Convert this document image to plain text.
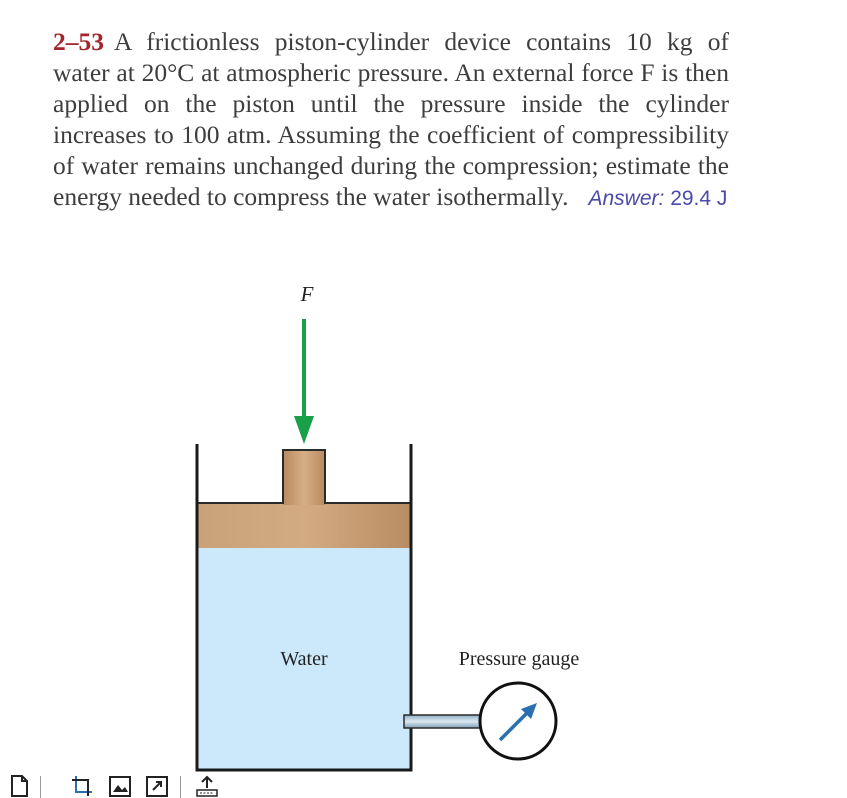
2–53 A frictionless piston-cylinder device contains 10 kg of water at 20°C at atmospheric pressure. An external force F is then applied on the piston until the pressure inside the cylinder increases to 100 atm. Assuming the coefficient of compressibility of water remains unchanged during the compression; estimate the energy needed to compress the water isothermally. Answer: 29.4 J

F
Water	Pressure gauge
